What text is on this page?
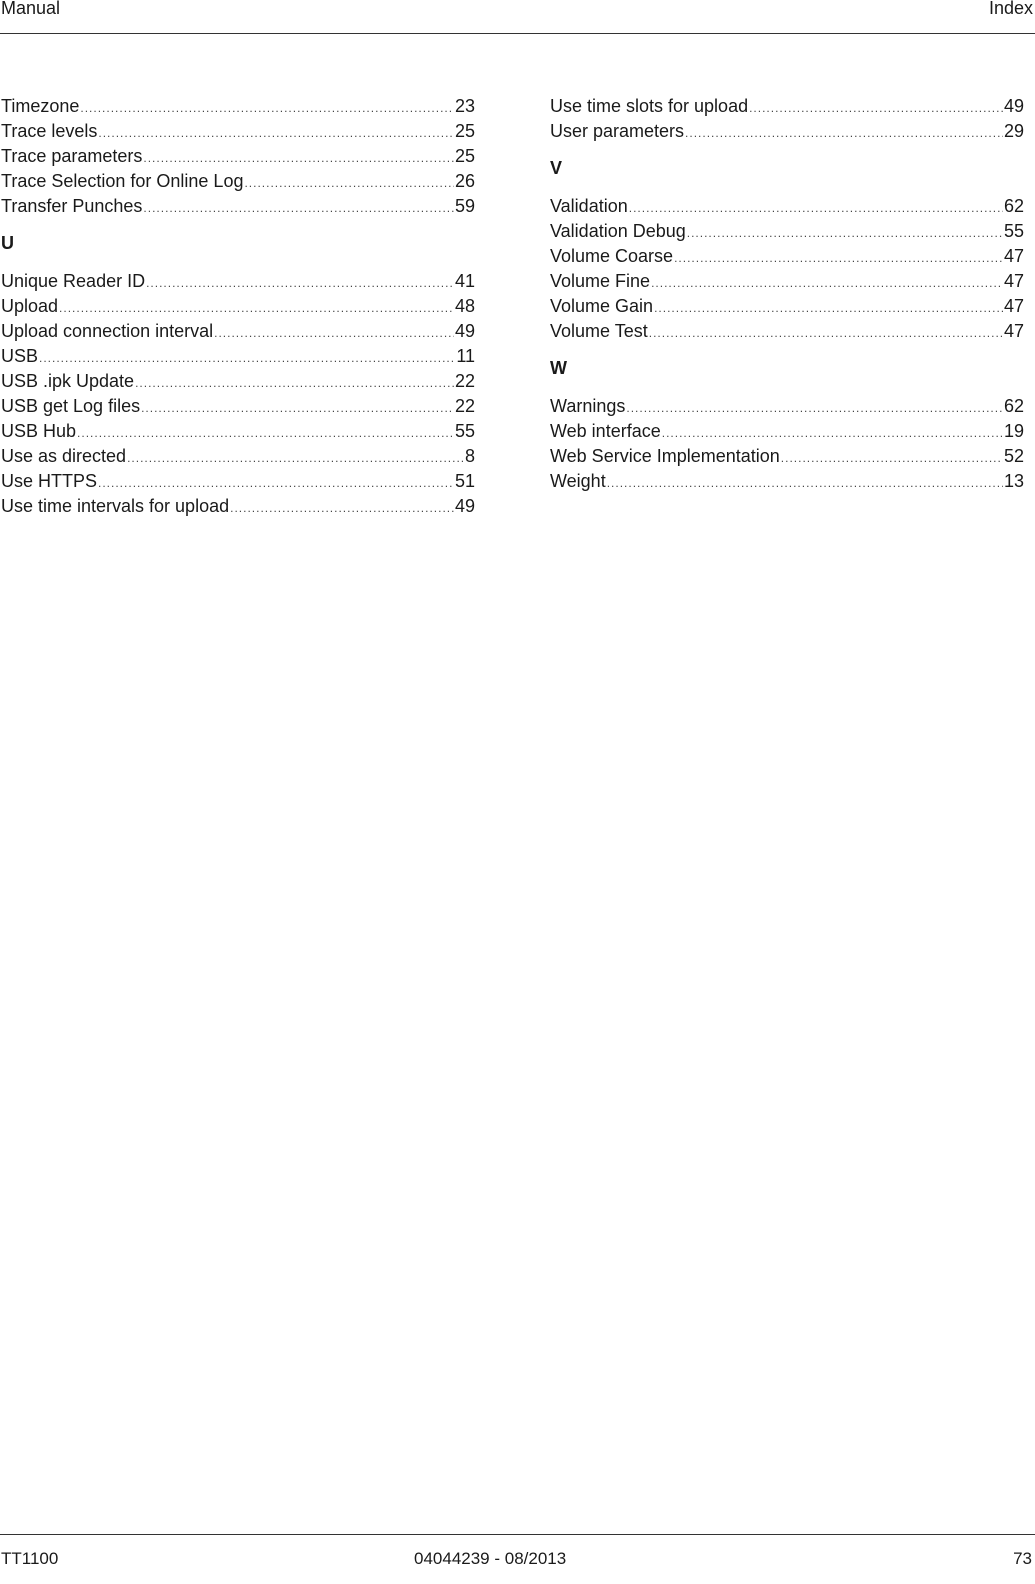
Manual	Index
Timezone .....	23
Trace levels .....	25
Trace parameters .....	25
Trace Selection for Online Log .....	26
Transfer Punches .....	59
U
Unique Reader ID .....	41
Upload .....	48
Upload connection interval .....	49
USB .....	11
USB .ipk Update .....	22
USB get Log files .....	22
USB Hub .....	55
Use as directed .....	8
Use HTTPS .....	51
Use time intervals for upload .....	49
Use time slots for upload .....	49
User parameters .....	29
V
Validation .....	62
Validation Debug .....	55
Volume Coarse .....	47
Volume Fine .....	47
Volume Gain .....	47
Volume Test .....	47
W
Warnings .....	62
Web interface .....	19
Web Service Implementation .....	52
Weight .....	13
TT1100	04044239 - 08/2013	73
